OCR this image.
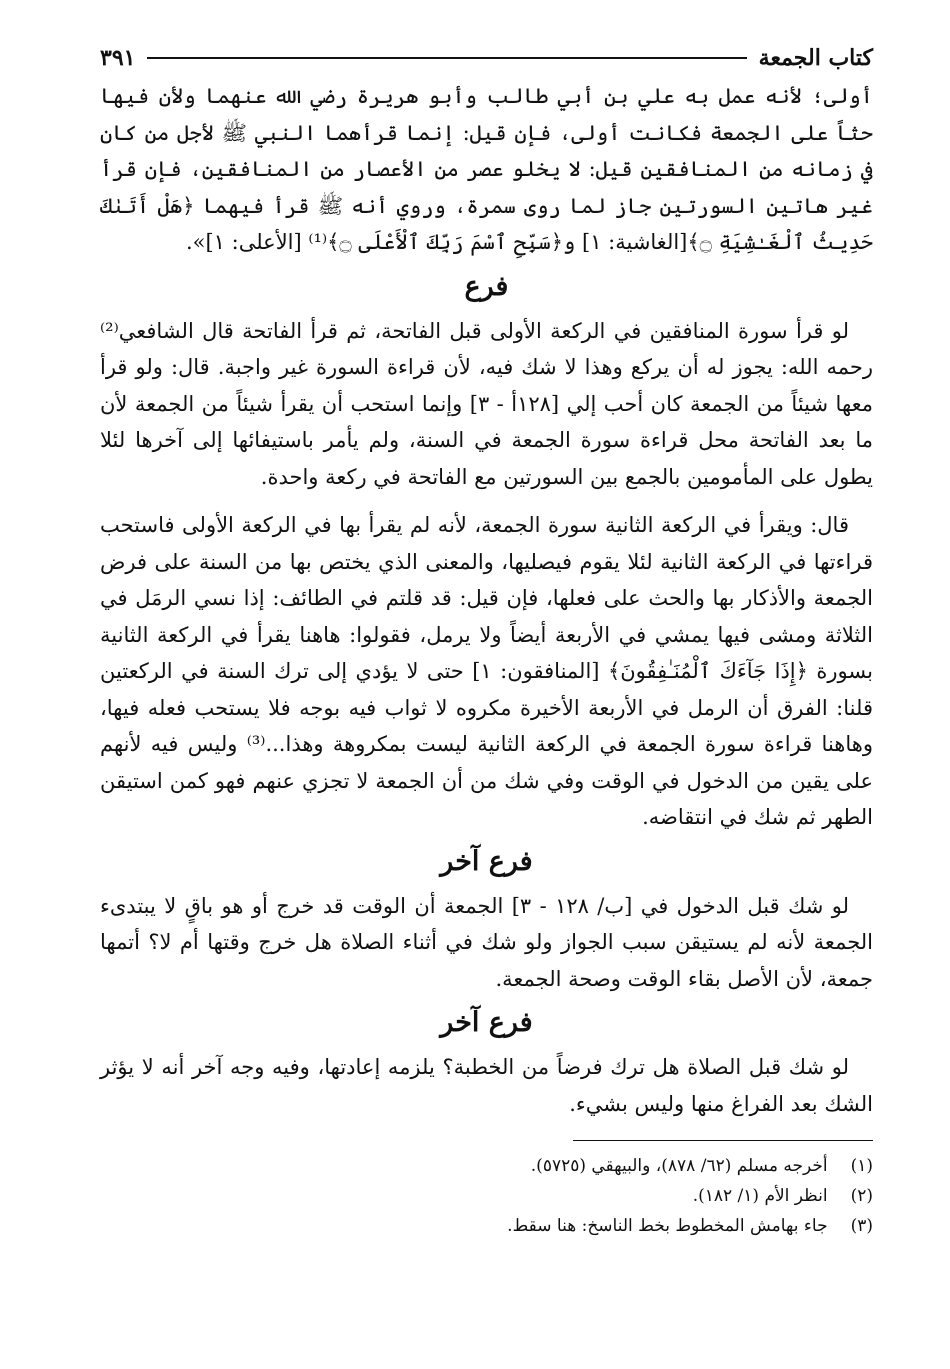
كتاب الجمعة
٣٩١

أولى؛ لأنه عمل به علي بن أبي طالب وأبو هريرة رضي الله عنهما ولأن فيها حثاً على الجمعة فكانت أولى، فإن قيل: إنما قرأهما النبي ﷺ لأجل من كان في زمانه من المنافقين قيل: لا يخلو عصر من الأعصار من المنافقين، فإن قرأ غير هاتين السورتين جاز لما روى سمرة، وروي أنه ﷺ قرأ فيهما ﴿هَلْ أَتَىٰكَ حَدِيثُ ٱلْغَـٰشِيَةِ ۝﴾[الغاشية: ١] و﴿سَبِّحِ ٱسْمَ رَبِّكَ ٱلْأَعْلَى ۝﴾⁽¹⁾ [الأعلى: ١]».

فرع

لو قرأ سورة المنافقين في الركعة الأولى قبل الفاتحة، ثم قرأ الفاتحة قال الشافعي⁽²⁾ رحمه الله: يجوز له أن يركع وهذا لا شك فيه، لأن قراءة السورة غير واجبة. قال: ولو قرأ معها شيئاً من الجمعة كان أحب إلي [١٢٨أ - ٣] وإنما استحب أن يقرأ شيئاً من الجمعة لأن ما بعد الفاتحة محل قراءة سورة الجمعة في السنة، ولم يأمر باستيفائها إلى آخرها لئلا يطول على المأمومين بالجمع بين السورتين مع الفاتحة في ركعة واحدة.

قال: ويقرأ في الركعة الثانية سورة الجمعة، لأنه لم يقرأ بها في الركعة الأولى فاستحب قراءتها في الركعة الثانية لئلا يقوم فيصليها، والمعنى الذي يختص بها من السنة على فرض الجمعة والأذكار بها والحث على فعلها، فإن قيل: قد قلتم في الطائف: إذا نسي الرمَل في الثلاثة ومشى فيها يمشي في الأربعة أيضاً ولا يرمل، فقولوا: هاهنا يقرأ في الركعة الثانية بسورة ﴿إِذَا جَآءَكَ ٱلْمُنَـٰفِقُونَ﴾ [المنافقون: ١] حتى لا يؤدي إلى ترك السنة في الركعتين قلنا: الفرق أن الرمل في الأربعة الأخيرة مكروه لا ثواب فيه بوجه فلا يستحب فعله فيها، وهاهنا قراءة سورة الجمعة في الركعة الثانية ليست بمكروهة وهذا...⁽³⁾ وليس فيه لأنهم على يقين من الدخول في الوقت وفي شك من أن الجمعة لا تجزي عنهم فهو كمن استيقن الطهر ثم شك في انتقاضه.

فرع آخر

لو شك قبل الدخول في [ب/ ١٢٨ - ٣] الجمعة أن الوقت قد خرج أو هو باقٍ لا يبتدىء الجمعة لأنه لم يستيقن سبب الجواز ولو شك في أثناء الصلاة هل خرج وقتها أم لا؟ أتمها جمعة، لأن الأصل بقاء الوقت وصحة الجمعة.

فرع آخر

لو شك قبل الصلاة هل ترك فرضاً من الخطبة؟ يلزمه إعادتها، وفيه وجه آخر أنه لا يؤثر الشك بعد الفراغ منها وليس بشيء.

(١) أخرجه مسلم (٦٢/ ٨٧٨)، والبيهقي (٥٧٢٥).

(٢) انظر الأم (١/ ١٨٢).

(٣) جاء بهامش المخطوط بخط الناسخ: هنا سقط.
